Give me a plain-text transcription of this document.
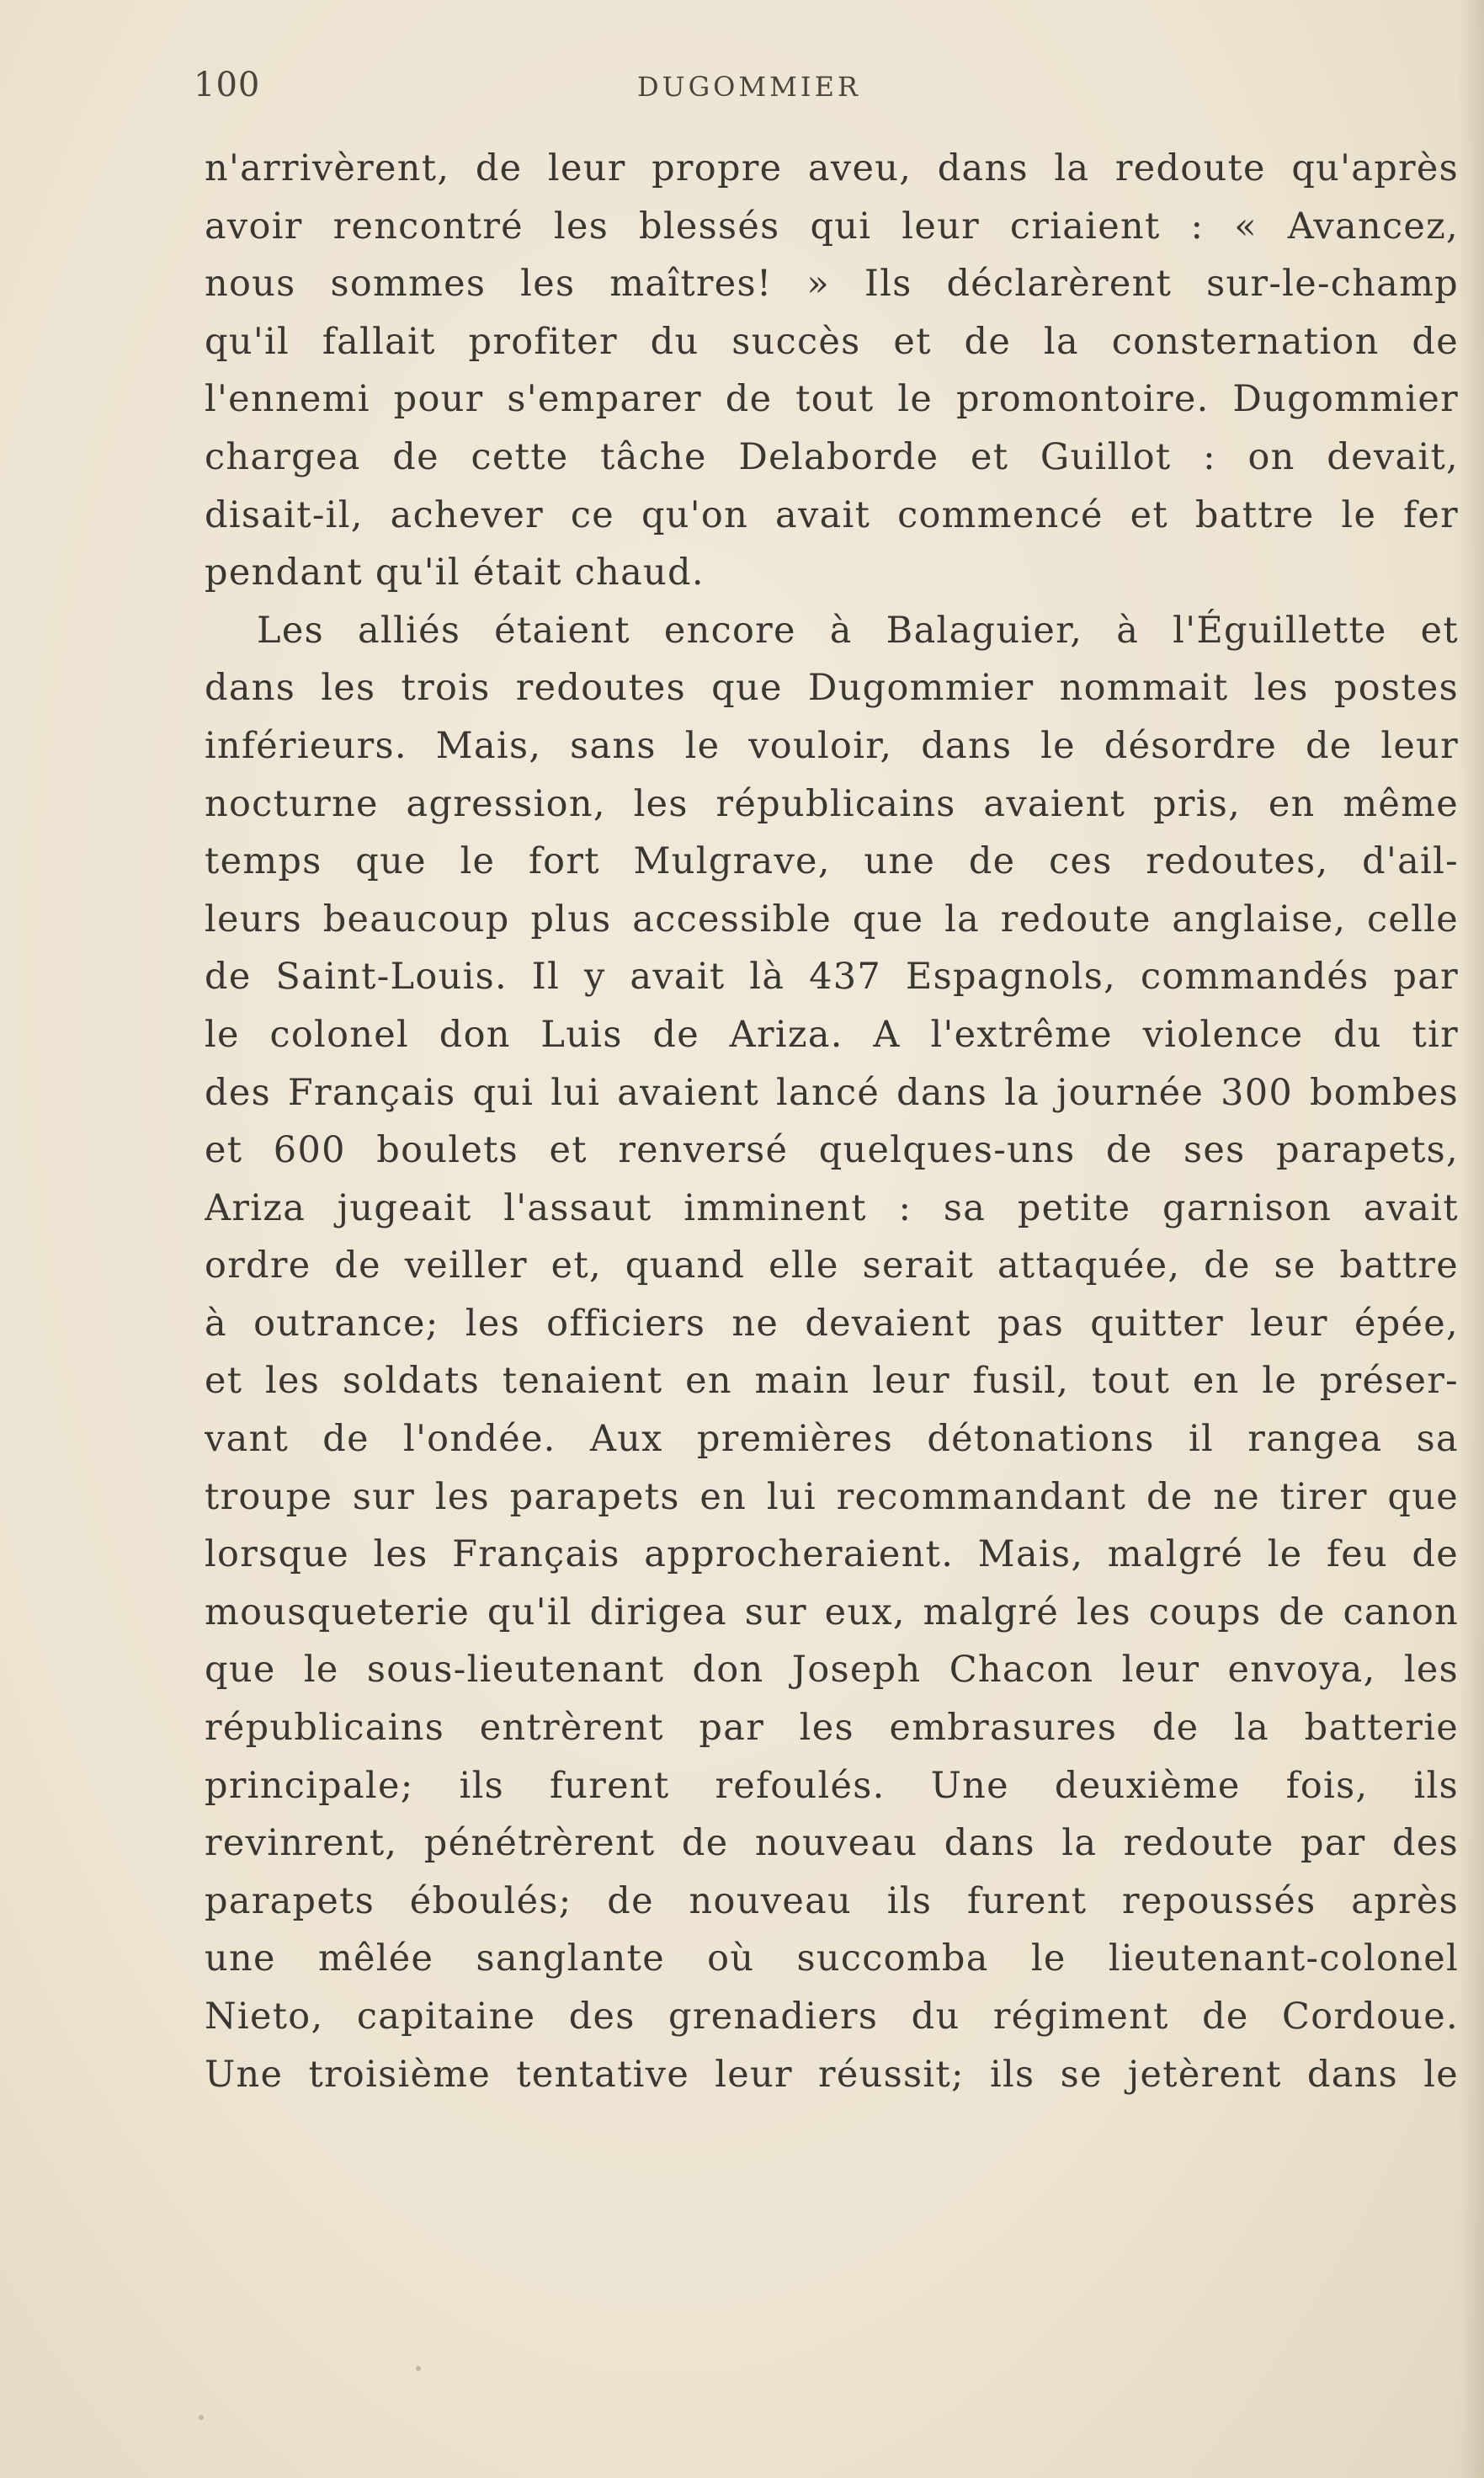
100	DUGOMMIER
n'arrivèrent, de leur propre aveu, dans la redoute qu'après
avoir rencontré les blessés qui leur criaient : « Avancez,
nous sommes les maîtres! » Ils déclarèrent sur-le-champ
qu'il fallait profiter du succès et de la consternation de
l'ennemi pour s'emparer de tout le promontoire. Dugommier
chargea de cette tâche Delaborde et Guillot : on devait,
disait-il, achever ce qu'on avait commencé et battre le fer
pendant qu'il était chaud.
Les alliés étaient encore à Balaguier, à l'Éguillette et
dans les trois redoutes que Dugommier nommait les postes
inférieurs. Mais, sans le vouloir, dans le désordre de leur
nocturne agression, les républicains avaient pris, en même
temps que le fort Mulgrave, une de ces redoutes, d'ail-
leurs beaucoup plus accessible que la redoute anglaise, celle
de Saint-Louis. Il y avait là 437 Espagnols, commandés par
le colonel don Luis de Ariza. A l'extrême violence du tir
des Français qui lui avaient lancé dans la journée 300 bombes
et 600 boulets et renversé quelques-uns de ses parapets,
Ariza jugeait l'assaut imminent : sa petite garnison avait
ordre de veiller et, quand elle serait attaquée, de se battre
à outrance; les officiers ne devaient pas quitter leur épée,
et les soldats tenaient en main leur fusil, tout en le préser-
vant de l'ondée. Aux premières détonations il rangea sa
troupe sur les parapets en lui recommandant de ne tirer que
lorsque les Français approcheraient. Mais, malgré le feu de
mousqueterie qu'il dirigea sur eux, malgré les coups de canon
que le sous-lieutenant don Joseph Chacon leur envoya, les
républicains entrèrent par les embrasures de la batterie
principale; ils furent refoulés. Une deuxième fois, ils
revinrent, pénétrèrent de nouveau dans la redoute par des
parapets éboulés; de nouveau ils furent repoussés après
une mêlée sanglante où succomba le lieutenant-colonel
Nieto, capitaine des grenadiers du régiment de Cordoue.
Une troisième tentative leur réussit; ils se jetèrent dans le
